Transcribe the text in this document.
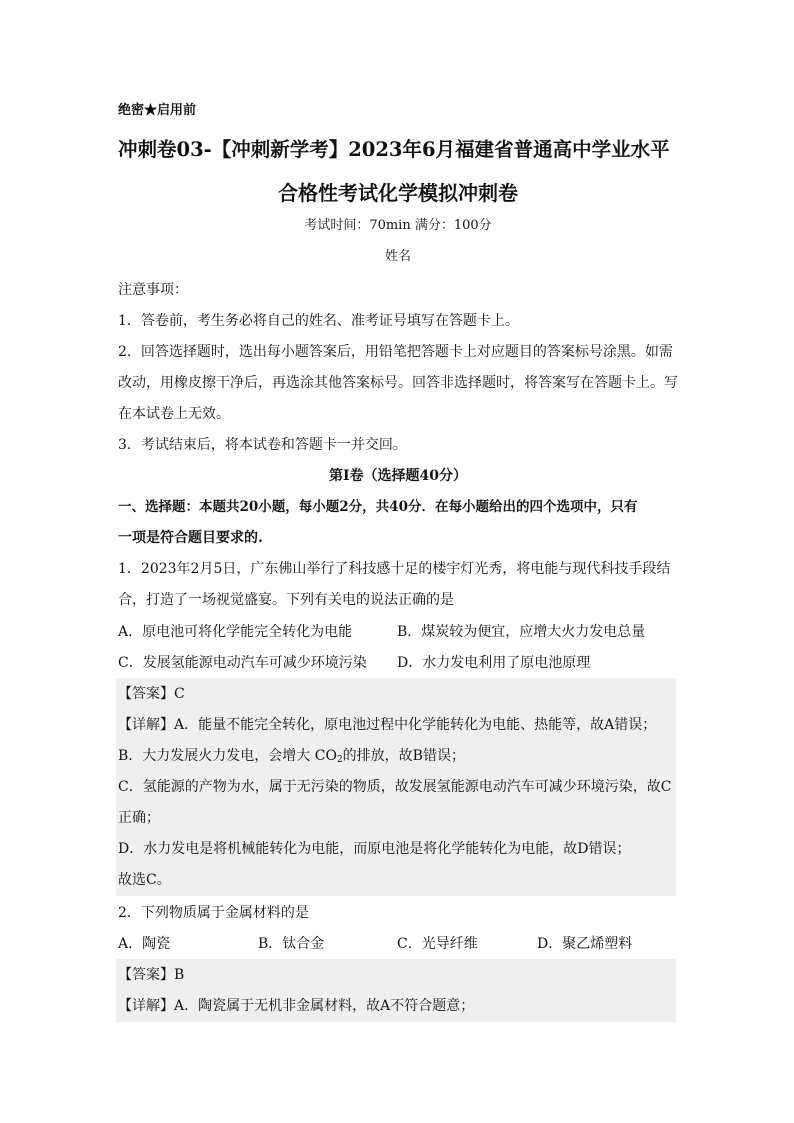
绝密★启用前
冲刺卷03-【冲刺新学考】2023年6月福建省普通高中学业水平
合格性考试化学模拟冲刺卷
考试时间：70min 满分：100分
姓名
注意事项：
1．答卷前，考生务必将自己的姓名、准考证号填写在答题卡上。
2．回答选择题时，选出每小题答案后，用铅笔把答题卡上对应题目的答案标号涂黑。如需
改动，用橡皮擦干净后，再选涂其他答案标号。回答非选择题时，将答案写在答题卡上。写
在本试卷上无效。
3．考试结束后，将本试卷和答题卡一并交回。
第I卷（选择题40分）
一、选择题：本题共20小题，每小题2分，共40分．在每小题给出的四个选项中，只有
一项是符合题目要求的.
1．2023年2月5日，广东佛山举行了科技感十足的楼宇灯光秀，将电能与现代科技手段结
合，打造了一场视觉盛宴。下列有关电的说法正确的是
A．原电池可将化学能完全转化为电能	B．煤炭较为便宜，应增大火力发电总量
C．发展氢能源电动汽车可减少环境污染 D．水力发电利用了原电池原理
【答案】C
【详解】A．能量不能完全转化，原电池过程中化学能转化为电能、热能等，故A错误；
B．大力发展火力发电，会增大 $CO_2$的排放，故B错误；
C．氢能源的产物为水，属于无污染的物质，故发展氢能源电动汽车可减少环境污染，故C
正确；
D．水力发电是将机械能转化为电能，而原电池是将化学能转化为电能，故D错误；
故选C。
2．下列物质属于金属材料的是
A．陶瓷	B．钛合金	C．光导纤维	D．聚乙烯塑料
【答案】B
【详解】A．陶瓷属于无机非金属材料，故A不符合题意；
